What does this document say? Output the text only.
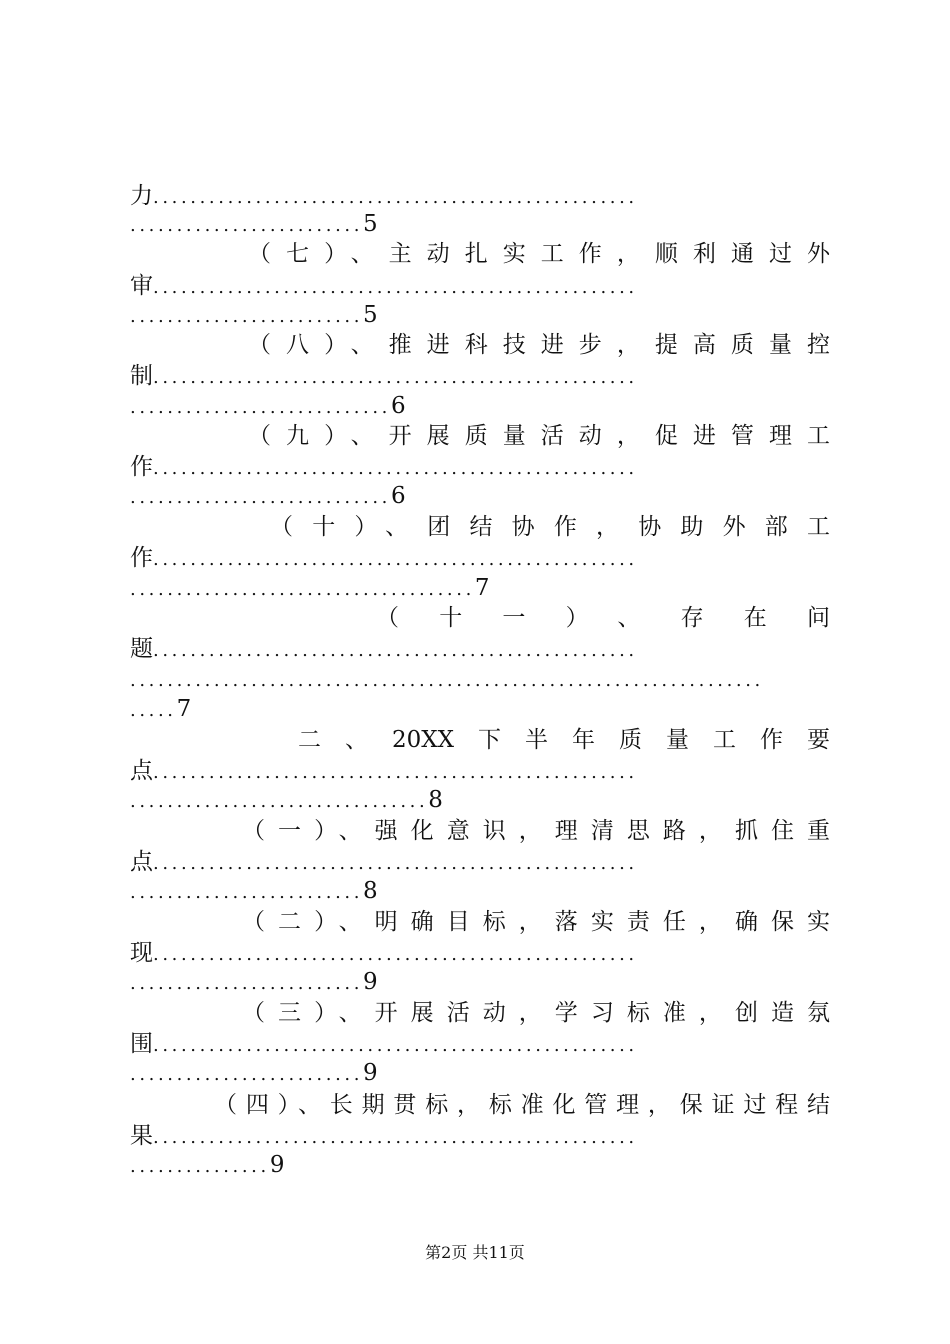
力....................................................
.........................5
（七）、主动扎实工作，顺利通过外
审....................................................
.........................5
（八）、推进科技进步，提高质量控
制....................................................
............................6
（九）、开展质量活动，促进管理工
作....................................................
............................6
（十）、团结协作，协助外部工
作....................................................
.....................................7
（十一）、存在问
题....................................................
....................................................................
.....7
二、20XX下半年质量工作要
点....................................................
................................8
（一）、强化意识，理清思路，抓住重
点....................................................
.........................8
（二）、明确目标，落实责任，确保实
现....................................................
.........................9
（三）、开展活动，学习标准，创造氛
围....................................................
.........................9
（四）、长期贯标，标准化管理，保证过程结
果....................................................
...............9
第2页 共11页
